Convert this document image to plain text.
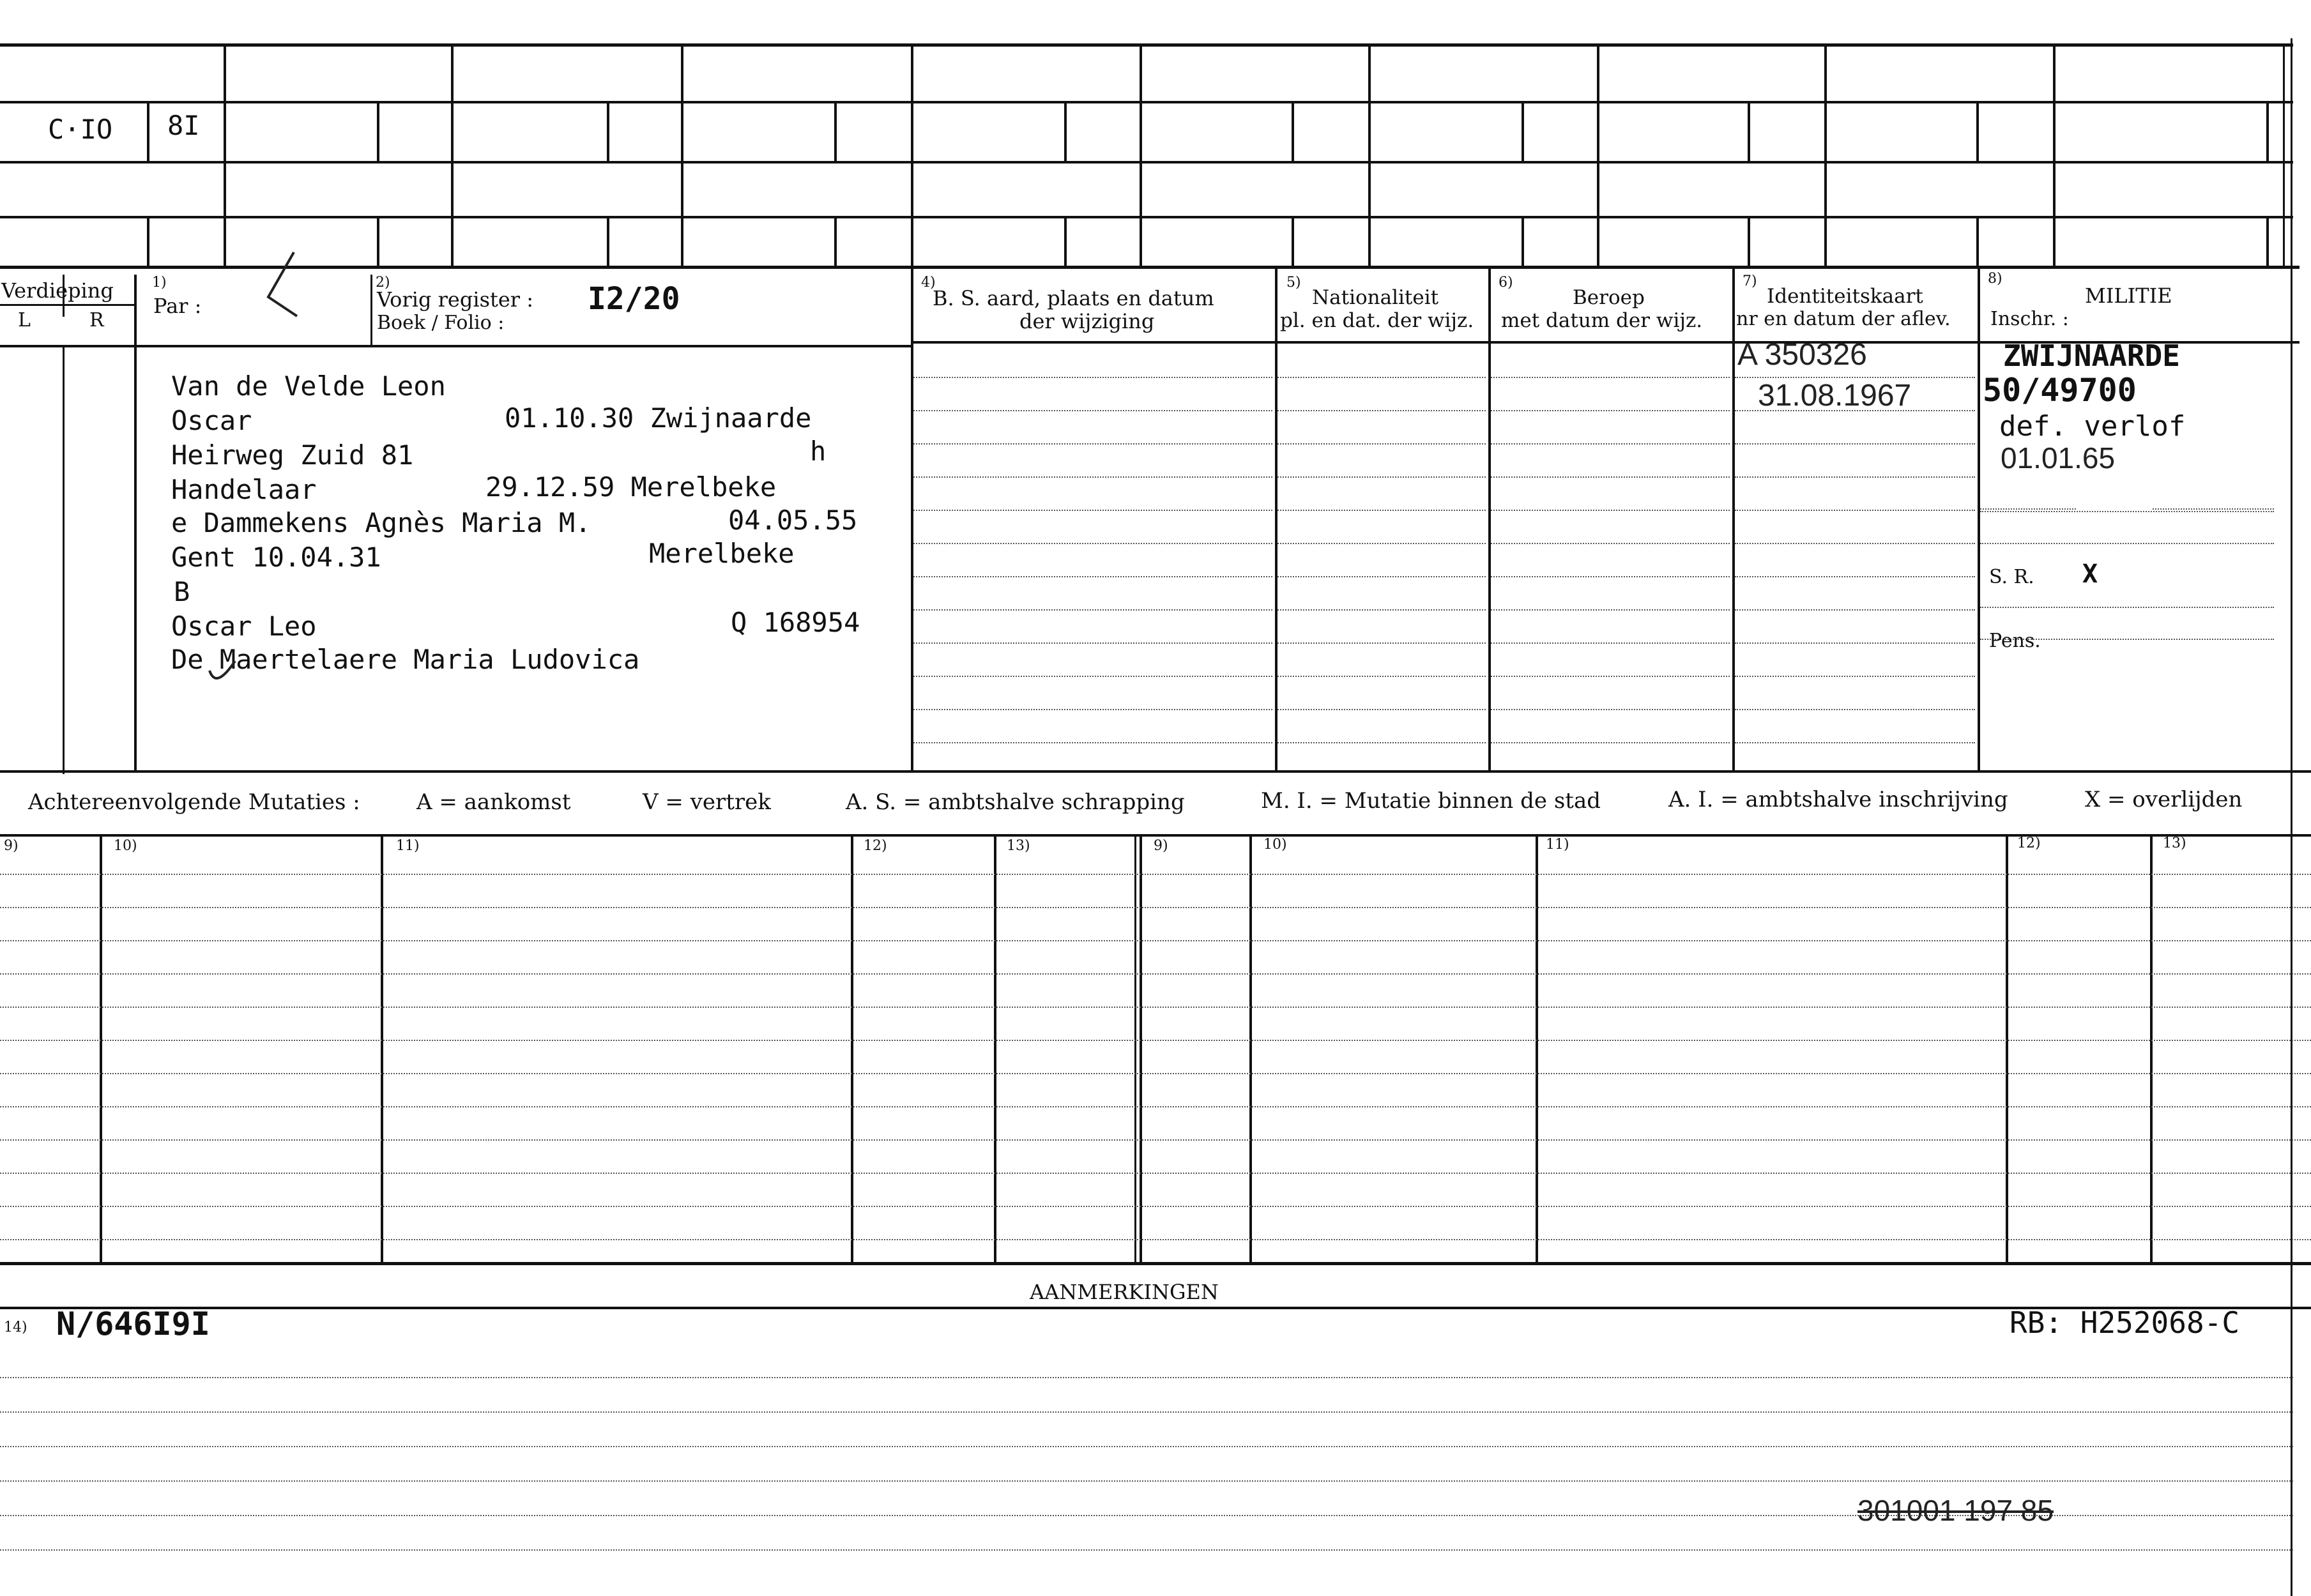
C·IO 8I
Verdieping
L	R
1)
Par :
2)
Vorig register : I2/20
Boek / Folio :
4)
B. S. aard, plaats en datum
der wijziging
5)
Nationaliteit
pl. en dat. der wijz.
6)
Beroep
met datum der wijz.
7)
Identiteitskaart
nr en datum der aflev.
8)
MILITIE
Inschr. :
Van de Velde Leon
Oscar	01.10.30 Zwijnaarde
Heirweg Zuid 81	h
Handelaar	29.12.59 Merelbeke
e Dammekens Agnès Maria M.	04.05.55
Gent 10.04.31	Merelbeke
B
Oscar Leo	Q 168954
De Maertelaere Maria Ludovica
A 350326
31.08.1967
ZWIJNAARDE
50/49700
def. verlof
01.01.65
S. R. X
Pens.
Achtereenvolgende Mutaties :	A = aankomst	V = vertrek	A. S. = ambtshalve schrapping	M. I. = Mutatie binnen de stad	A. I. = ambtshalve inschrijving	X = overlijden
9)	10)	11)	12)	13)	9)	10)	11)	12)	13)
AANMERKINGEN
14) N/646I9I	RB: H252068-C
301001 197 85
